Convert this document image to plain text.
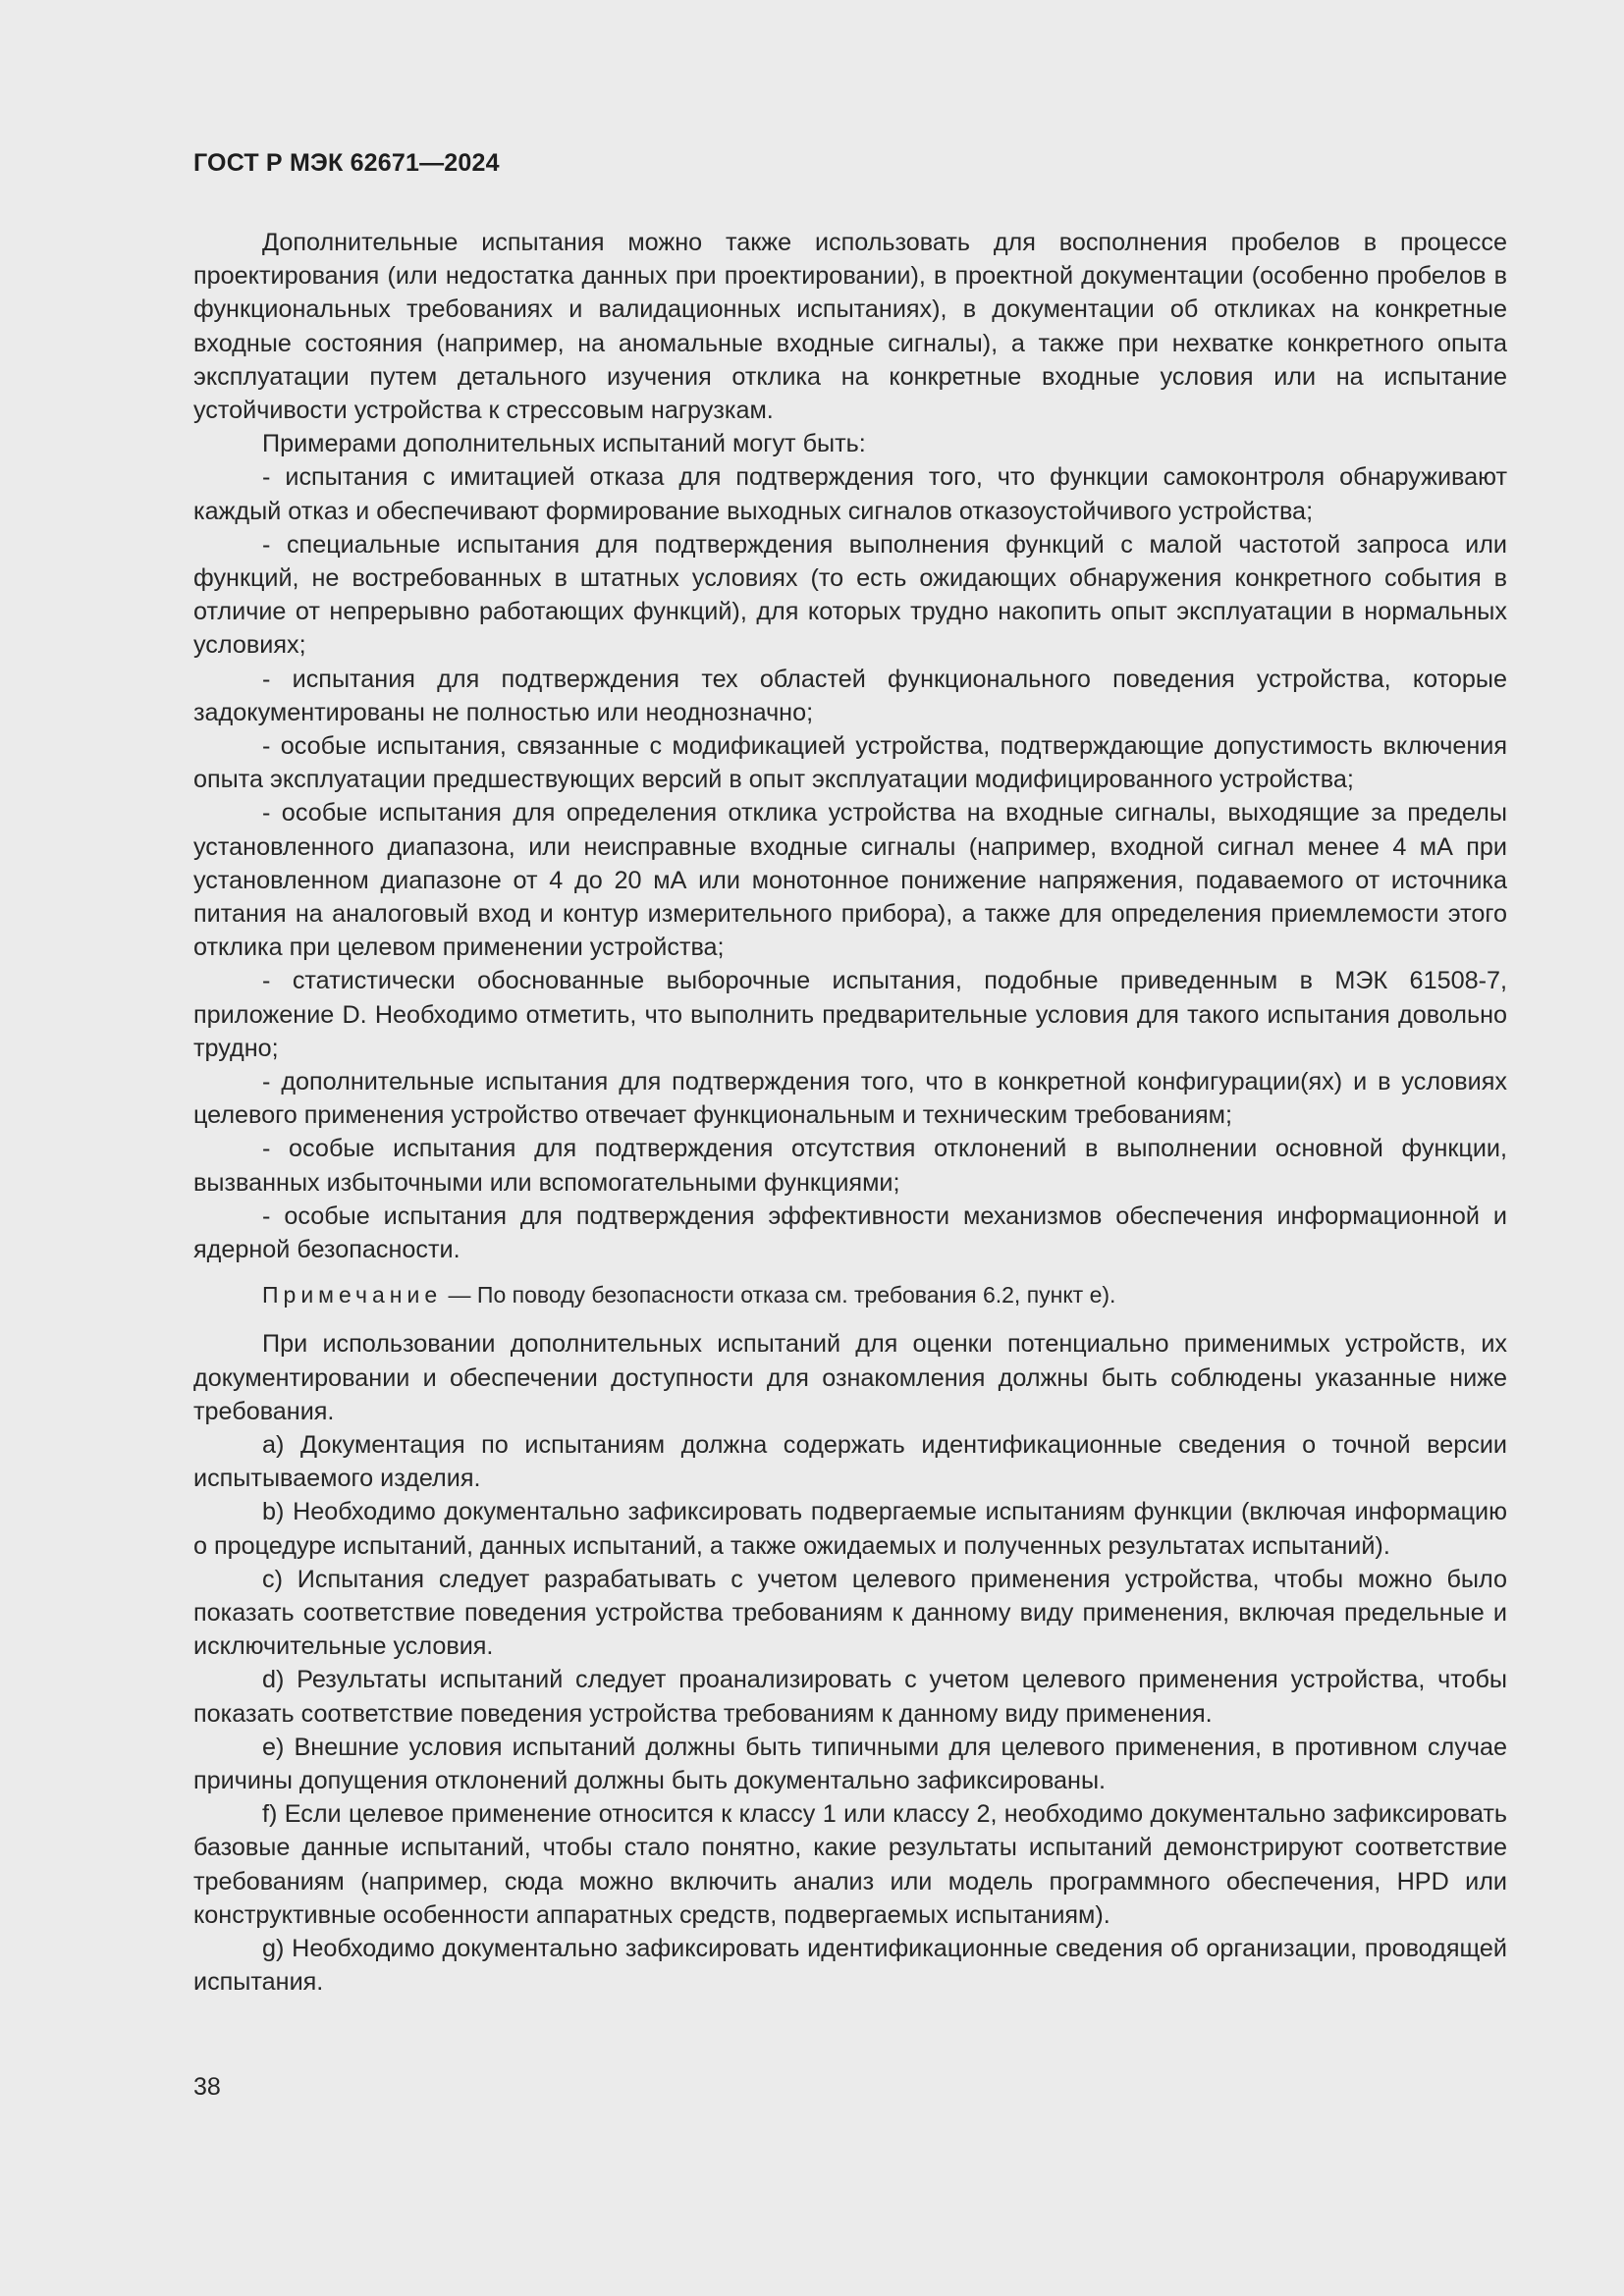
ГОСТ Р МЭК 62671—2024

Дополнительные испытания можно также использовать для восполнения пробелов в процессе проектирования (или недостатка данных при проектировании), в проектной документации (особенно пробелов в функциональных требованиях и валидационных испытаниях), в документации об откликах на конкретные входные состояния (например, на аномальные входные сигналы), а также при нехватке конкретного опыта эксплуатации путем детального изучения отклика на конкретные входные условия или на испытание устойчивости устройства к стрессовым нагрузкам.

Примерами дополнительных испытаний могут быть:

- испытания с имитацией отказа для подтверждения того, что функции самоконтроля обнаруживают каждый отказ и обеспечивают формирование выходных сигналов отказоустойчивого устройства;

- специальные испытания для подтверждения выполнения функций с малой частотой запроса или функций, не востребованных в штатных условиях (то есть ожидающих обнаружения конкретного события в отличие от непрерывно работающих функций), для которых трудно накопить опыт эксплуатации в нормальных условиях;

- испытания для подтверждения тех областей функционального поведения устройства, которые задокументированы не полностью или неоднозначно;

- особые испытания, связанные с модификацией устройства, подтверждающие допустимость включения опыта эксплуатации предшествующих версий в опыт эксплуатации модифицированного устройства;

- особые испытания для определения отклика устройства на входные сигналы, выходящие за пределы установленного диапазона, или неисправные входные сигналы (например, входной сигнал менее 4 мА при установленном диапазоне от 4 до 20 мА или монотонное понижение напряжения, подаваемого от источника питания на аналоговый вход и контур измерительного прибора), а также для определения приемлемости этого отклика при целевом применении устройства;

- статистически обоснованные выборочные испытания, подобные приведенным в МЭК 61508-7, приложение D. Необходимо отметить, что выполнить предварительные условия для такого испытания довольно трудно;

- дополнительные испытания для подтверждения того, что в конкретной конфигурации(ях) и в условиях целевого применения устройство отвечает функциональным и техническим требованиям;

- особые испытания для подтверждения отсутствия отклонений в выполнении основной функции, вызванных избыточными или вспомогательными функциями;

- особые испытания для подтверждения эффективности механизмов обеспечения информационной и ядерной безопасности.

Примечание — По поводу безопасности отказа см. требования 6.2, пункт е).

При использовании дополнительных испытаний для оценки потенциально применимых устройств, их документировании и обеспечении доступности для ознакомления должны быть соблюдены указанные ниже требования.

a) Документация по испытаниям должна содержать идентификационные сведения о точной версии испытываемого изделия.

b) Необходимо документально зафиксировать подвергаемые испытаниям функции (включая информацию о процедуре испытаний, данных испытаний, а также ожидаемых и полученных результатах испытаний).

c) Испытания следует разрабатывать с учетом целевого применения устройства, чтобы можно было показать соответствие поведения устройства требованиям к данному виду применения, включая предельные и исключительные условия.

d) Результаты испытаний следует проанализировать с учетом целевого применения устройства, чтобы показать соответствие поведения устройства требованиям к данному виду применения.

e) Внешние условия испытаний должны быть типичными для целевого применения, в противном случае причины допущения отклонений должны быть документально зафиксированы.

f) Если целевое применение относится к классу 1 или классу 2, необходимо документально зафиксировать базовые данные испытаний, чтобы стало понятно, какие результаты испытаний демонстрируют соответствие требованиям (например, сюда можно включить анализ или модель программного обеспечения, HPD или конструктивные особенности аппаратных средств, подвергаемых испытаниям).

g) Необходимо документально зафиксировать идентификационные сведения об организации, проводящей испытания.

38
